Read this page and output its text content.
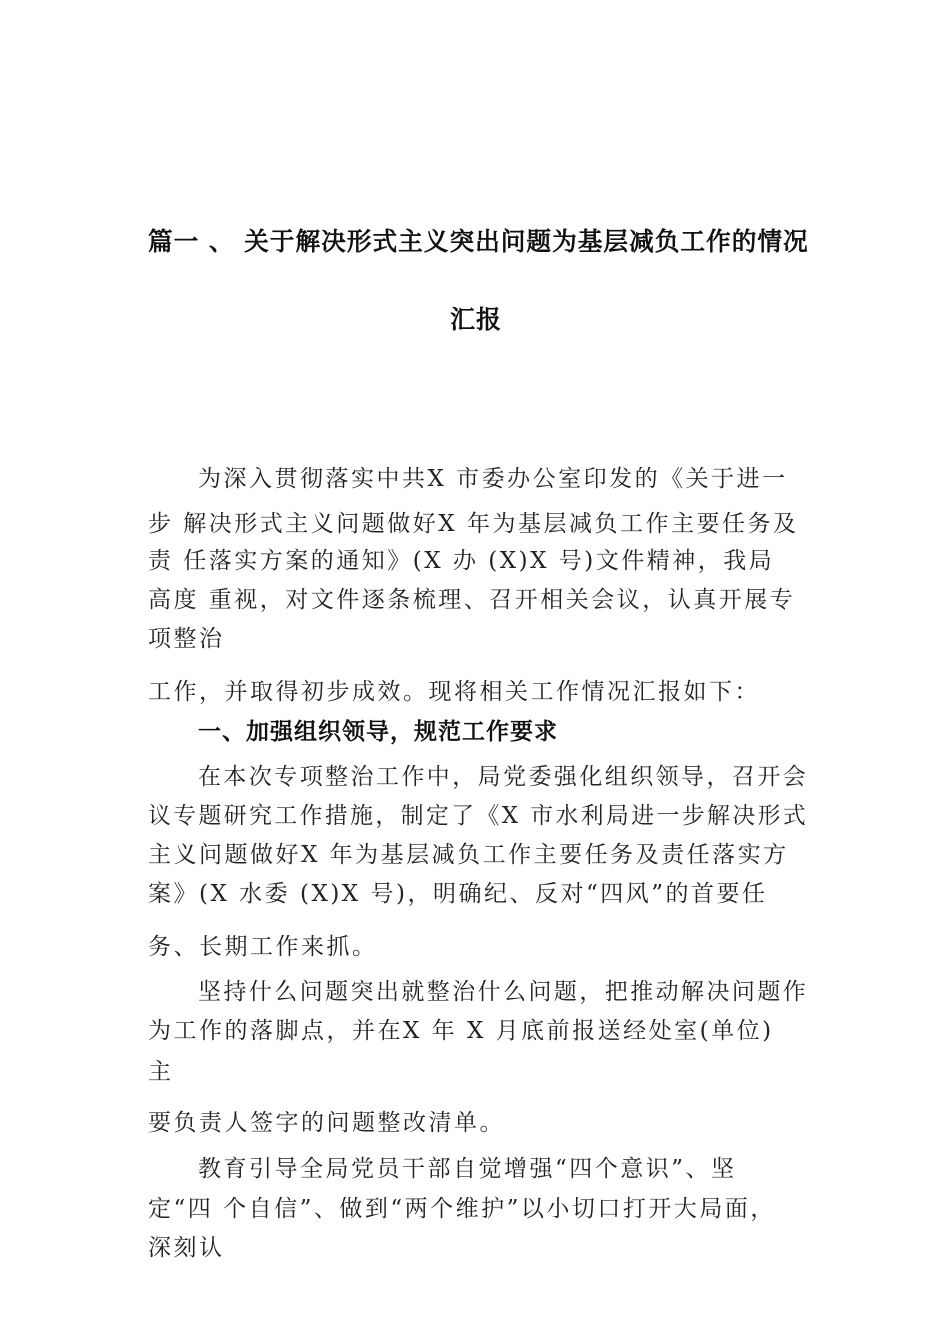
篇一 、 关于解决形式主义突出问题为基层减负工作的情况
汇报
为深入贯彻落实中共X 市委办公室印发的《关于进一
步 解决形式主义问题做好X 年为基层减负工作主要任务及
责 任落实方案的通知》(X 办 (X)X 号)文件精神，我局
高度 重视，对文件逐条梳理、召开相关会议，认真开展专
项整治
工作，并取得初步成效。现将相关工作情况汇报如下：
一、加强组织领导，规范工作要求
在本次专项整治工作中，局党委强化组织领导，召开会
议专题研究工作措施，制定了《X 市水利局进一步解决形式
主义问题做好X 年为基层减负工作主要任务及责任落实方
案》(X 水委 (X)X 号)，明确纪、反对“四风”的首要任
务、长期工作来抓。
坚持什么问题突出就整治什么问题，把推动解决问题作
为工作的落脚点，并在X 年 X 月底前报送经处室(单位)
主
要负责人签字的问题整改清单。
教育引导全局党员干部自觉增强“四个意识”、坚
定“四 个自信”、做到“两个维护”以小切口打开大局面，
深刻认
